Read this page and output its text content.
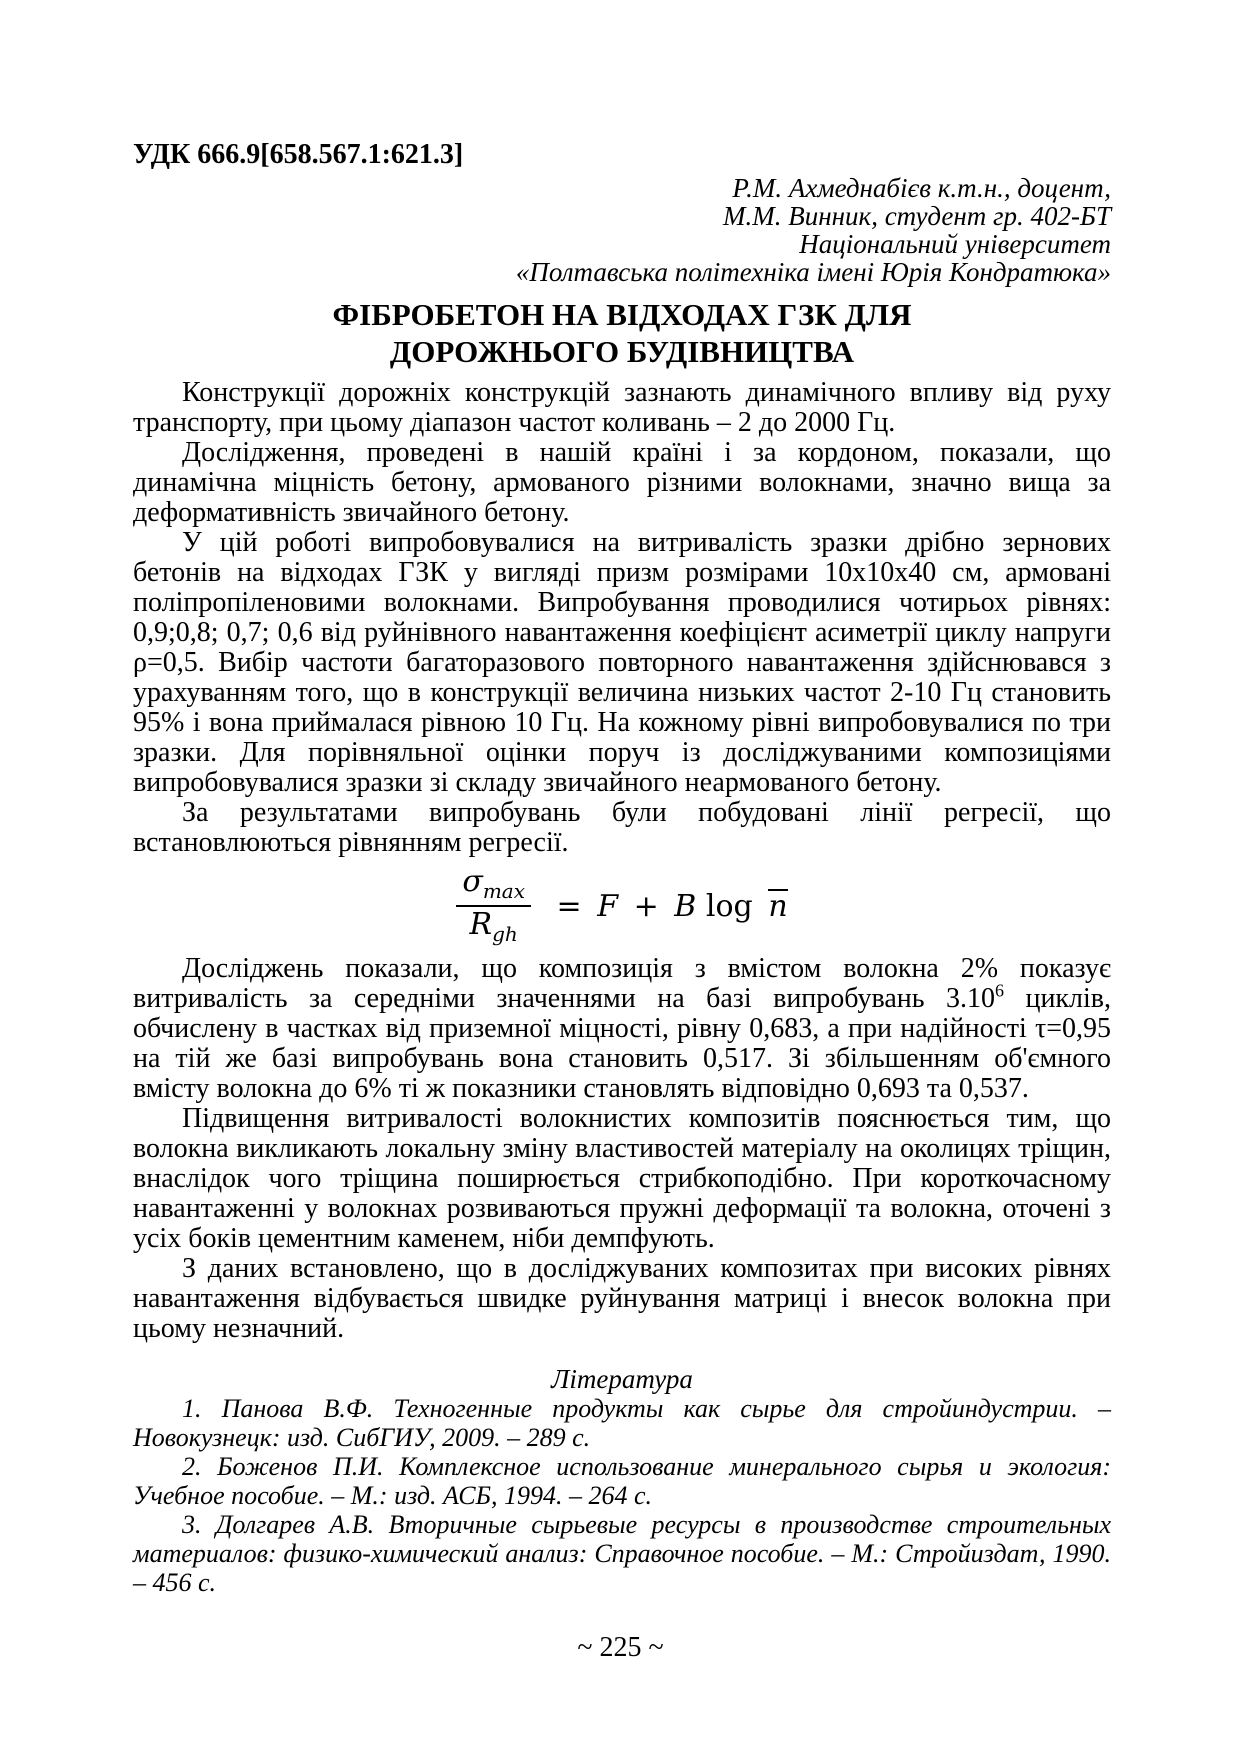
УДК 666.9[658.567.1:621.3]
Р.М. Ахмеднабієв к.т.н., доцент,
М.М. Винник, студент гр. 402-БТ
Національний університет
«Полтавська політехніка імені Юрія Кондратюка»
ФІБРОБЕТОН НА ВІДХОДАХ ГЗК ДЛЯ
ДОРОЖНЬОГО БУДІВНИЦТВА

Конструкції дорожніх конструкцій зазнають динамічного впливу від руху транспорту, при цьому діапазон частот коливань – 2 до 2000 Гц.

Дослідження, проведені в нашій країні і за кордоном, показали, що динамічна міцність бетону, армованого різними волокнами, значно вища за деформативність звичайного бетону.

У цій роботі випробовувалися на витривалість зразки дрібно зернових бетонів на відходах ГЗК у вигляді призм розмірами 10х10х40 см, армовані поліпропіленовими волокнами. Випробування проводилися чотирьох рівнях: 0,9;0,8; 0,7; 0,6 від руйнівного навантаження коефіцієнт асиметрії циклу напруги ρ=0,5. Вибір частоти багаторазового повторного навантаження здійснювався з урахуванням того, що в конструкції величина низьких частот 2-10 Гц становить 95% і вона приймалася рівною 10 Гц. На кожному рівні випробовувалися по три зразки. Для порівняльної оцінки поруч із досліджуваними композиціями випробовувалися зразки зі складу звичайного неармованого бетону.

За результатами випробувань були побудовані лінії регресії, що встановлюються рівнянням регресії.

$\frac{\sigma_{max}}{R_{gh}} = F + B$ log n

Досліджень показали, що композиція з вмістом волокна 2% показує витривалість за середніми значеннями на базі випробувань 3.10$^6$ циклів, обчислену в частках від приземної міцності, рівну 0,683, а при надійності τ=0,95 на тій же базі випробувань вона становить 0,517. Зі збільшенням об'ємного вмісту волокна до 6% ті ж показники становлять відповідно 0,693 та 0,537.

Підвищення витривалості волокнистих композитів пояснюється тим, що волокна викликають локальну зміну властивостей матеріалу на околицях тріщин, внаслідок чого тріщина поширюється стрибкоподібно. При короткочасному навантаженні у волокнах розвиваються пружні деформації та волокна, оточені з усіх боків цементним каменем, ніби демпфують.

З даних встановлено, що в досліджуваних композитах при високих рівнях навантаження відбувається швидке руйнування матриці і внесок волокна при цьому незначний.

Література

1. Панова В.Ф. Техногенные продукты как сырье для стройиндустрии. – Новокузнецк: изд. СибГИУ, 2009. – 289 с.

2. Боженов П.И. Комплексное использование минерального сырья и экология: Учебное пособие. – М.: изд. АСБ, 1994. – 264 с.

3. Долгарев А.В. Вторичные сырьевые ресурсы в производстве строительных материалов: физико-химический анализ: Справочное пособие. – М.: Стройиздат, 1990. – 456 с.

~ 225 ~
